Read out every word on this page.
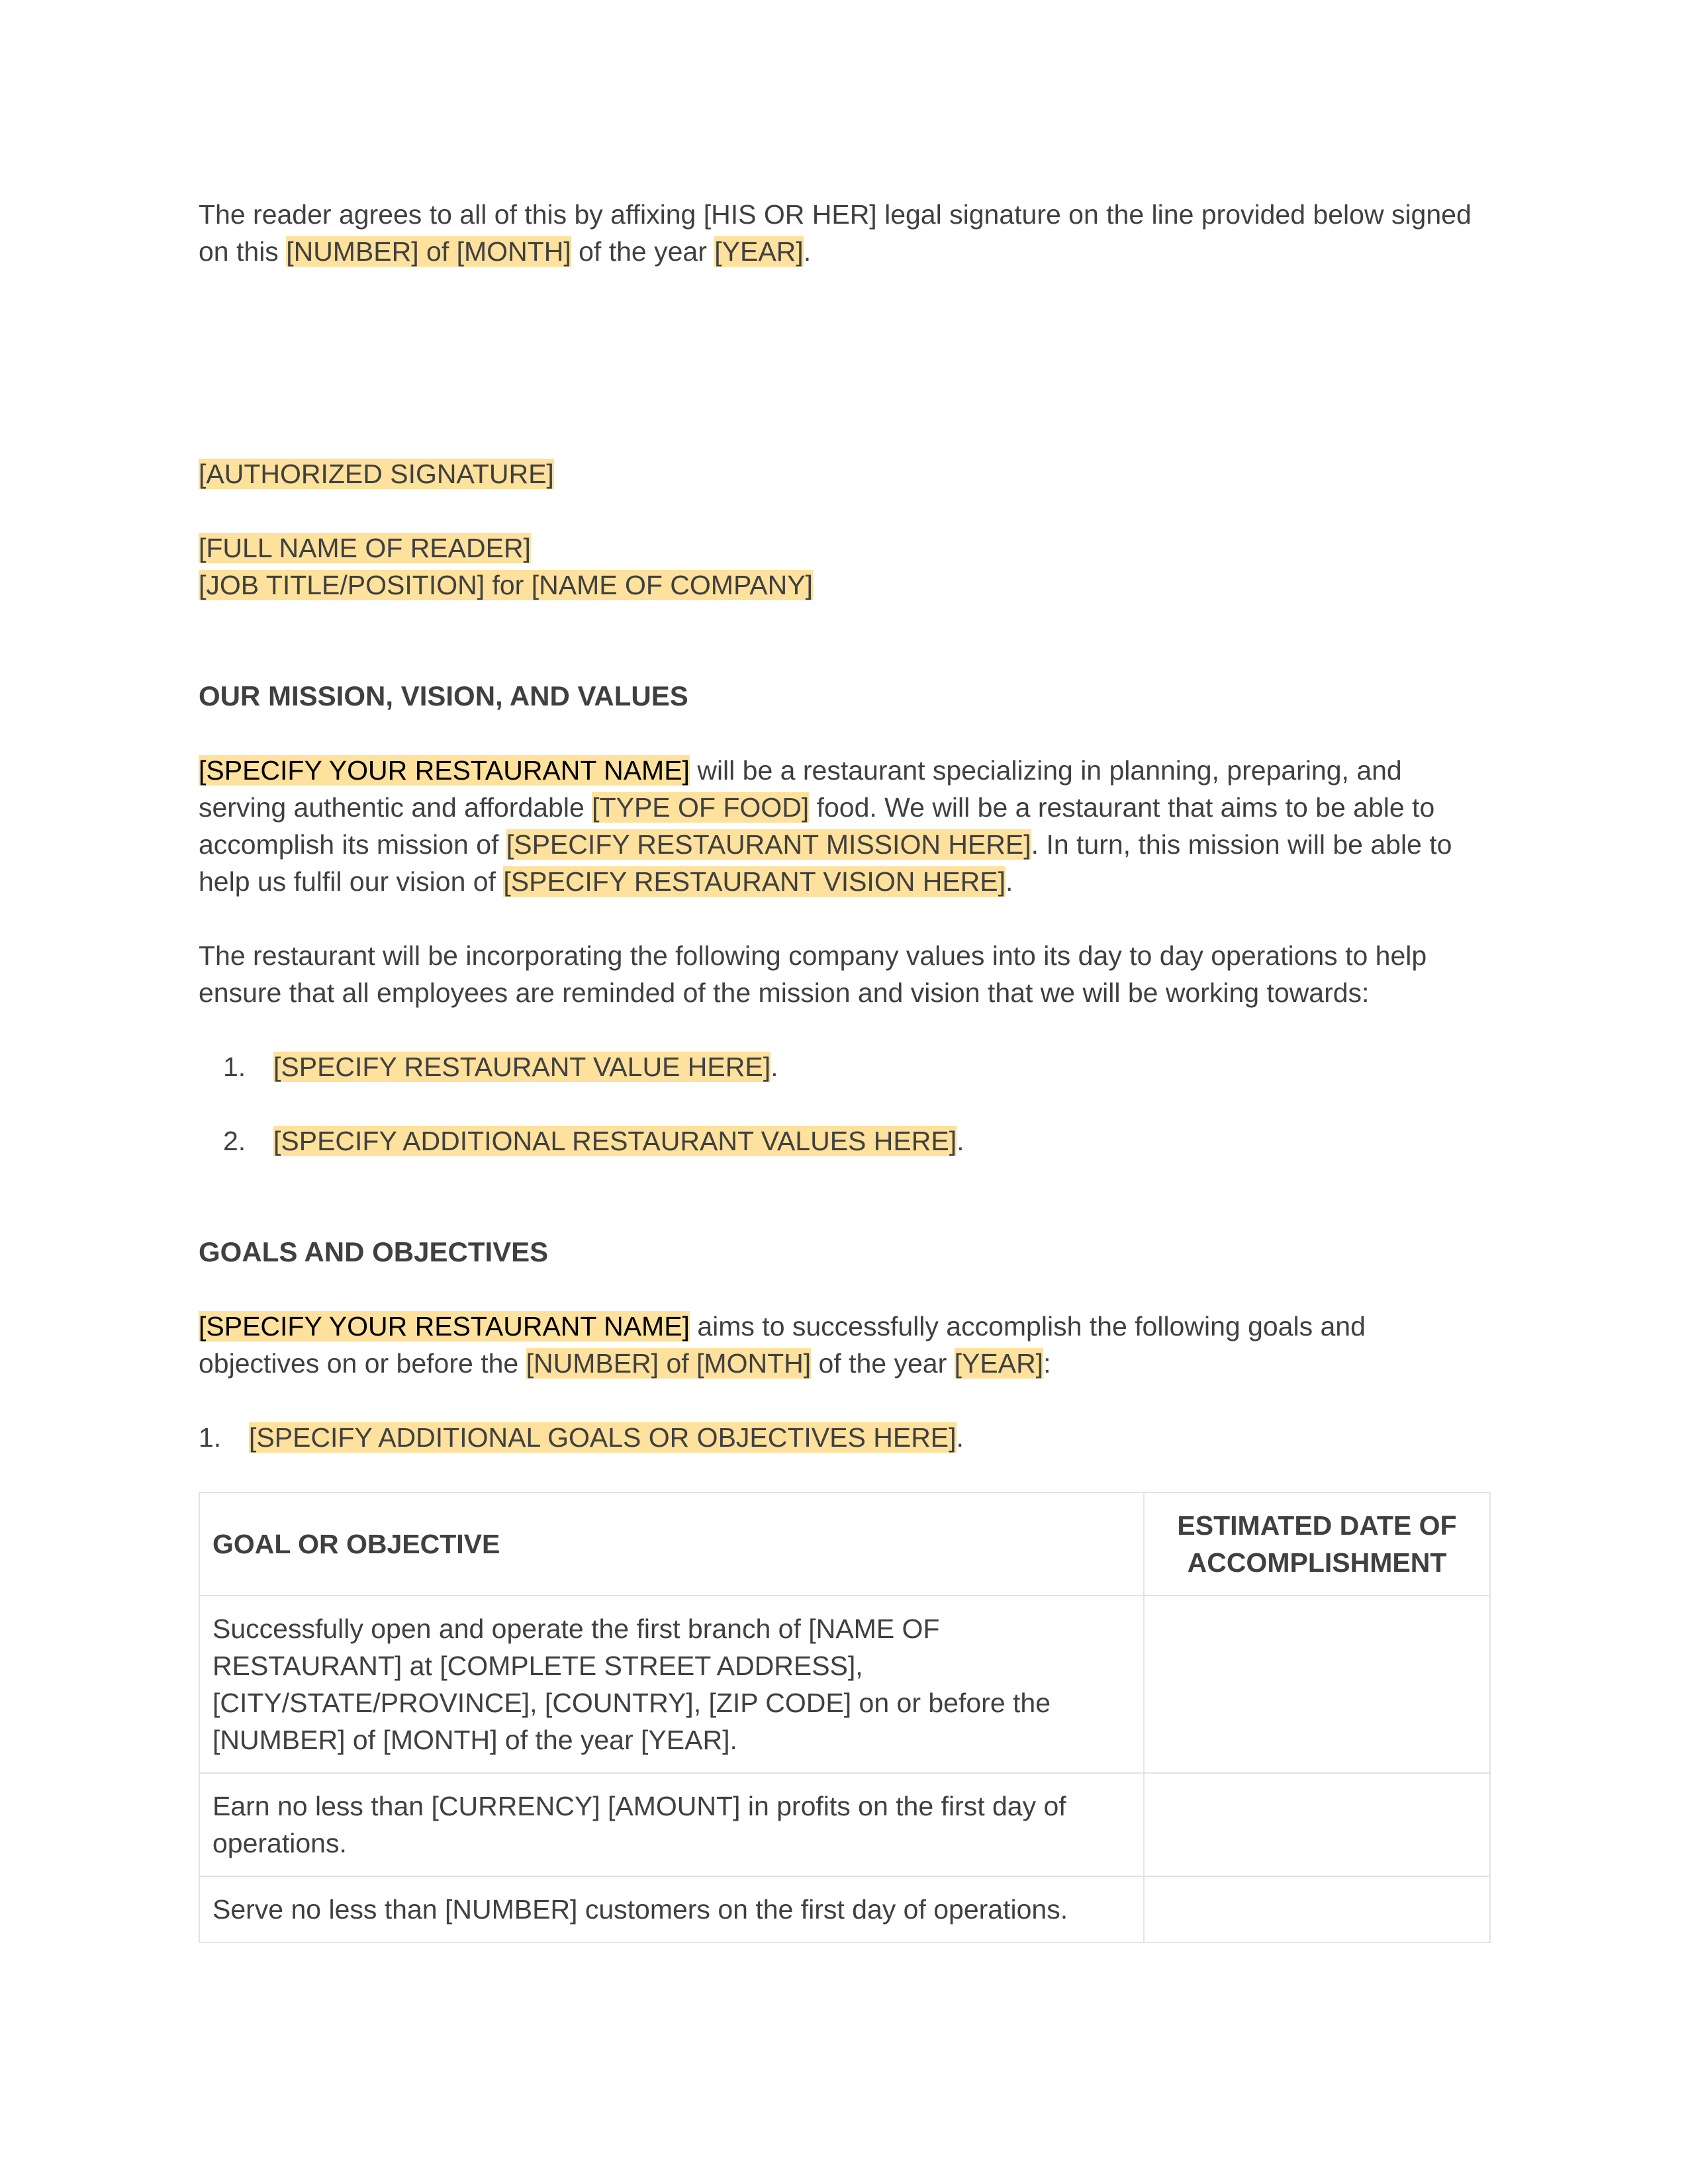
The reader agrees to all of this by affixing [HIS OR HER] legal signature on the line provided below signed on this [NUMBER] of [MONTH] of the year [YEAR].

[AUTHORIZED SIGNATURE]

[FULL NAME OF READER]

[JOB TITLE/POSITION] for [NAME OF COMPANY]

OUR MISSION, VISION, AND VALUES

[SPECIFY YOUR RESTAURANT NAME] will be a restaurant specializing in planning, preparing, and serving authentic and affordable [TYPE OF FOOD] food. We will be a restaurant that aims to be able to accomplish its mission of [SPECIFY RESTAURANT MISSION HERE]. In turn, this mission will be able to help us fulfil our vision of [SPECIFY RESTAURANT VISION HERE].

The restaurant will be incorporating the following company values into its day to day operations to help ensure that all employees are reminded of the mission and vision that we will be working towards:

1. [SPECIFY RESTAURANT VALUE HERE].
2. [SPECIFY ADDITIONAL RESTAURANT VALUES HERE].

GOALS AND OBJECTIVES

[SPECIFY YOUR RESTAURANT NAME] aims to successfully accomplish the following goals and objectives on or before the [NUMBER] of [MONTH] of the year [YEAR]:

1. [SPECIFY ADDITIONAL GOALS OR OBJECTIVES HERE].
GOAL OR OBJECTIVE	ESTIMATED DATE OF ACCOMPLISHMENT
Successfully open and operate the first branch of [NAME OF RESTAURANT] at [COMPLETE STREET ADDRESS], [CITY/STATE/PROVINCE], [COUNTRY], [ZIP CODE] on or before the [NUMBER] of [MONTH] of the year [YEAR].	
Earn no less than [CURRENCY] [AMOUNT] in profits on the first day of operations.	
Serve no less than [NUMBER] customers on the first day of operations.	
